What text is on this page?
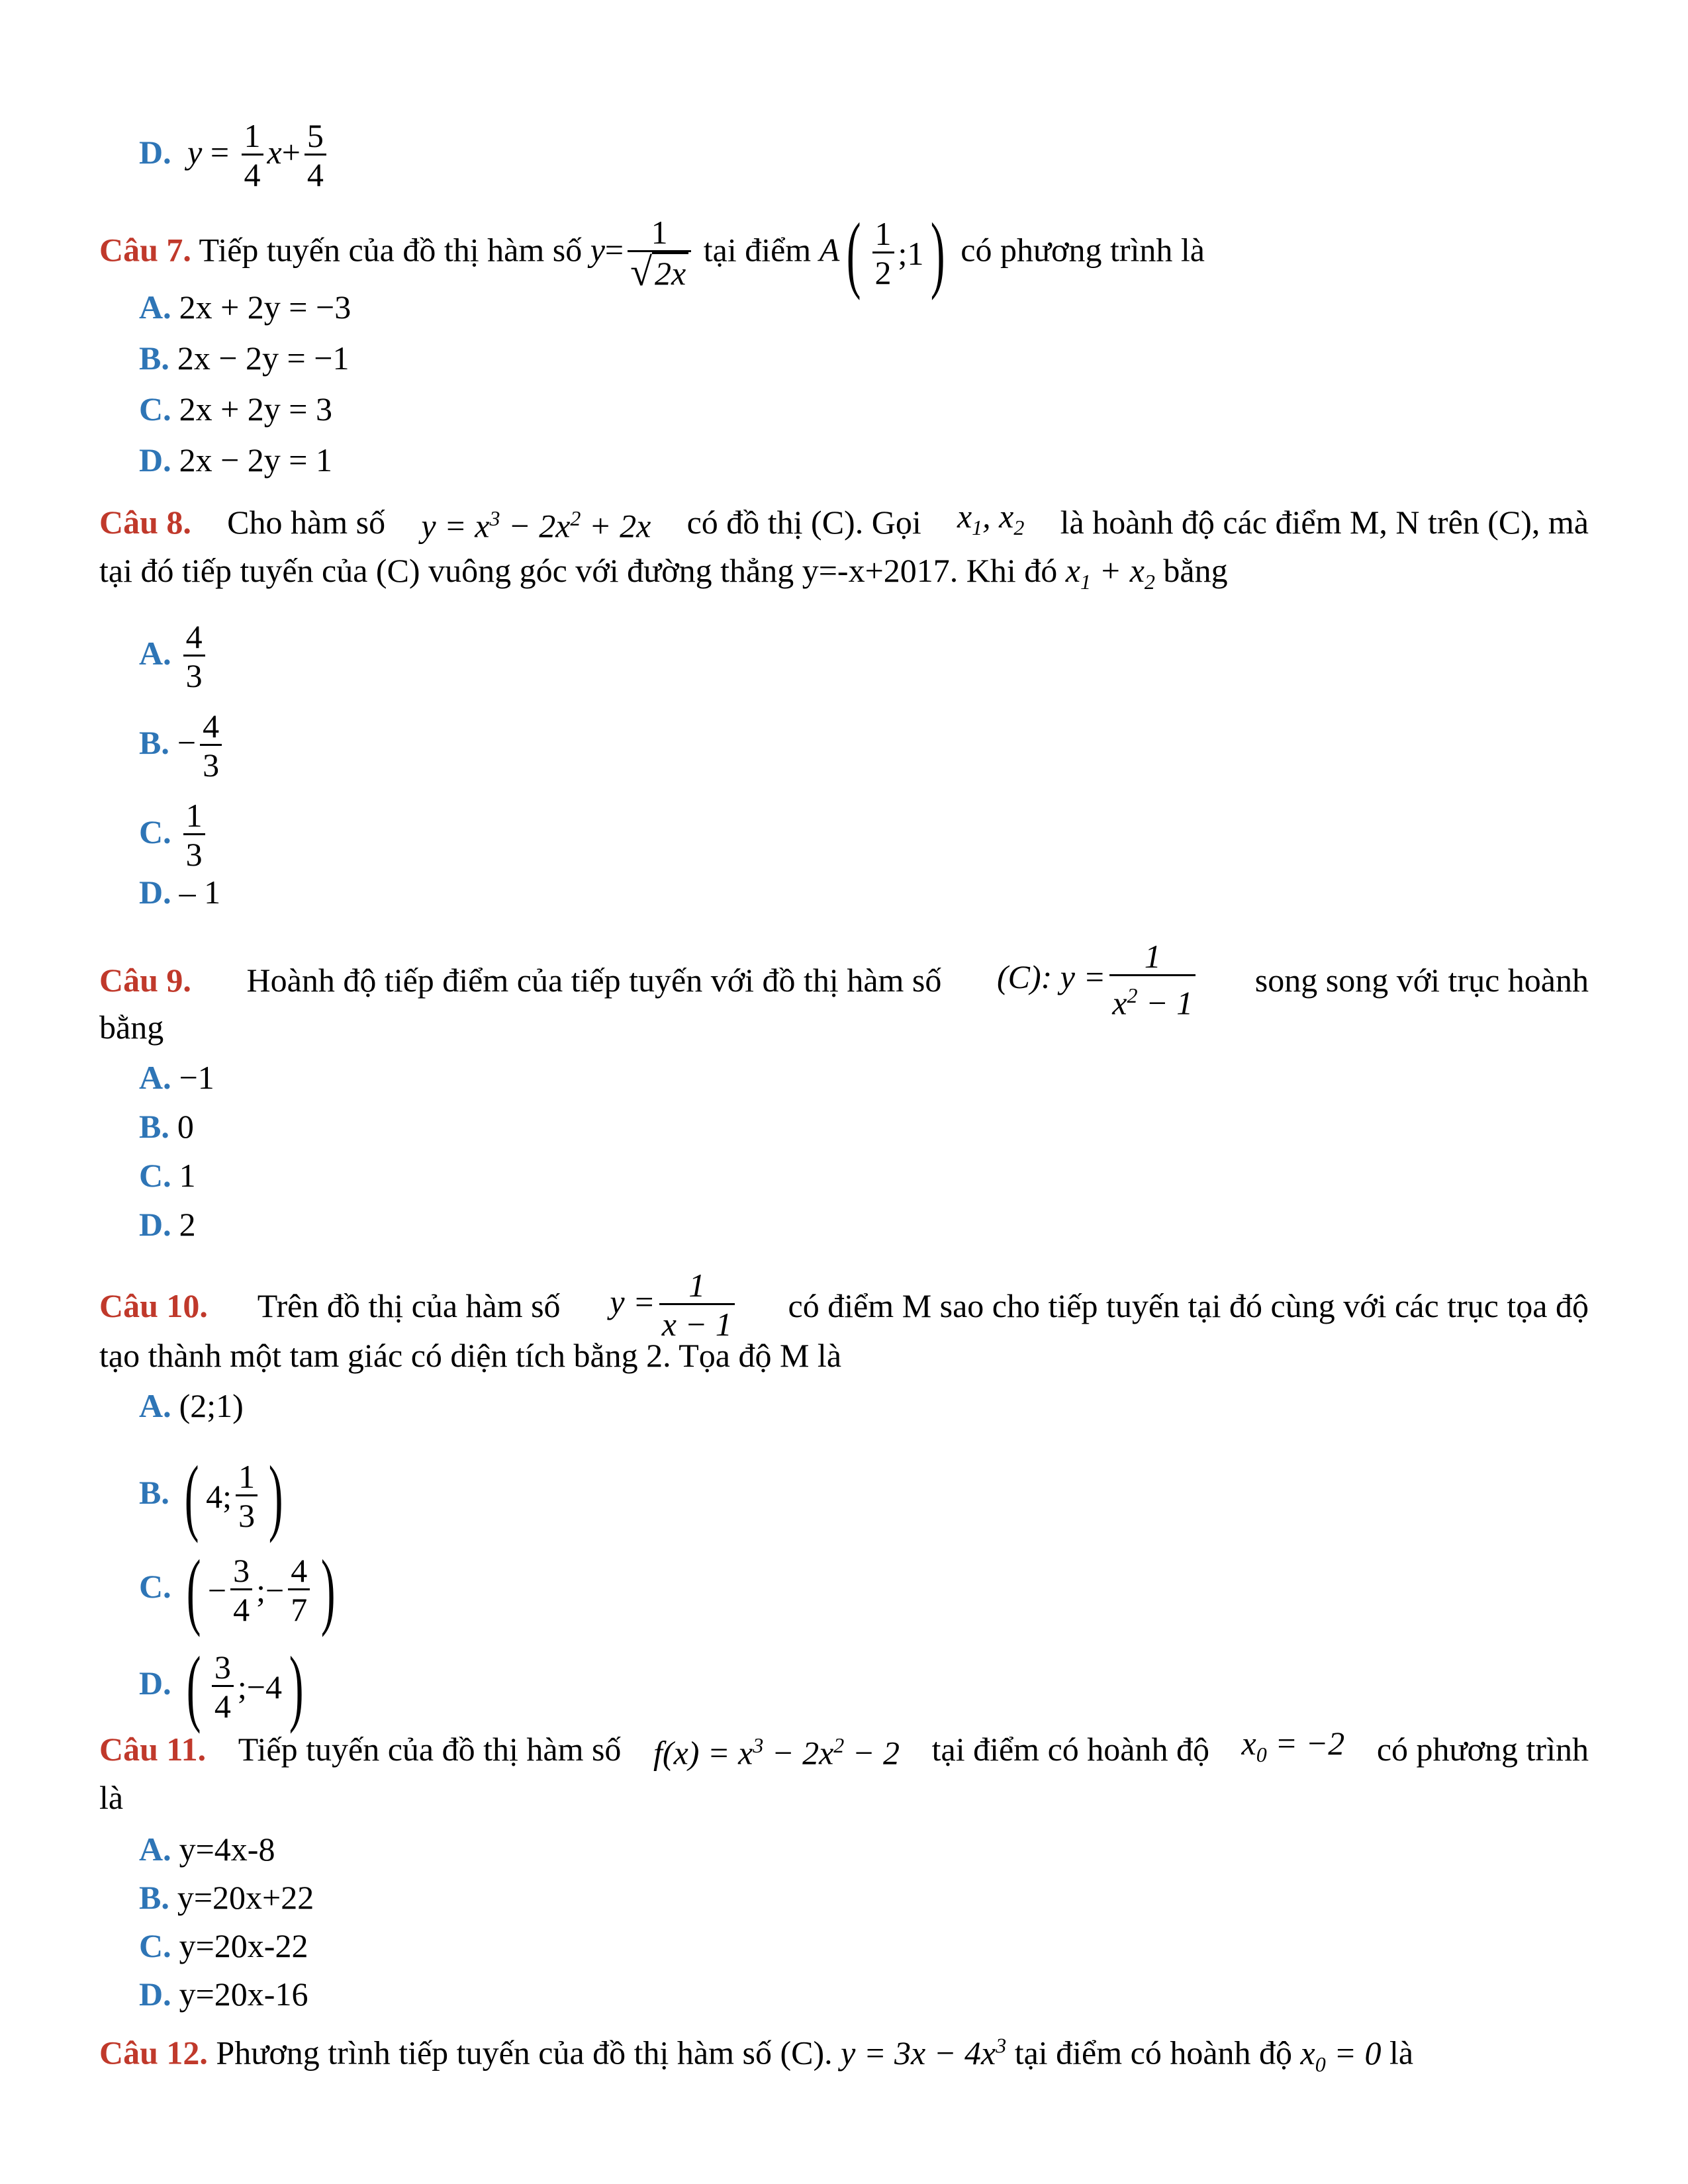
D. $y = \frac{1}{4} x+ \frac{5}{4}$
Câu 7. Tiếp tuyến của đồ thị hàm số $y= \frac{1}{√ 2x}$ tại điểm A ( $\frac{1}{2}$ ;1 ) có phương trình là
A. 2x + 2y = −3
B. 2x − 2y = −1
C. 2x + 2y = 3
D. 2x − 2y = 1
Câu 8. Cho hàm số $y = x^3 - 2x^2 + 2x$ có đồ thị (C). Gọi $x_1$, $x_2$ là hoành độ các điểm M, N trên (C), mà
tại đó tiếp tuyến của (C) vuông góc với đường thẳng y=-x+2017. Khi đó $x_1 + x_2$ bằng
A. $\frac{4}{3}$
B. − $\frac{4}{3}$
C. $\frac{1}{3}$
D. – 1
Câu 9. Hoành độ tiếp điểm của tiếp tuyến với đồ thị hàm số (C): $y = \frac{1}{x^2 - 1}$ song song với trục hoành
bằng
A. −1
B. 0
C. 1
D. 2
Câu 10. Trên đồ thị của hàm số $y = \frac{1}{x - 1}$ có điểm M sao cho tiếp tuyến tại đó cùng với các trục tọa độ
tạo thành một tam giác có diện tích bằng 2. Tọa độ M là
A. (2;1)
B. ( 4; $\frac{1}{3}$ )
C. ( − $\frac{3}{4}$ ;− $\frac{4}{7}$ )
D. ( $\frac{3}{4}$ ;−4 )
Câu 11. Tiếp tuyến của đồ thị hàm số $f(x) = x^3 - 2x^2 - 2$ tại điểm có hoành độ $x_0 = -2$ có phương trình
là
A. y=4x-8
B. y=20x+22
C. y=20x-22
D. y=20x-16
Câu 12. Phương trình tiếp tuyến của đồ thị hàm số (C). $y = 3x - 4x^3$ tại điểm có hoành độ $x_0 = 0$ là
